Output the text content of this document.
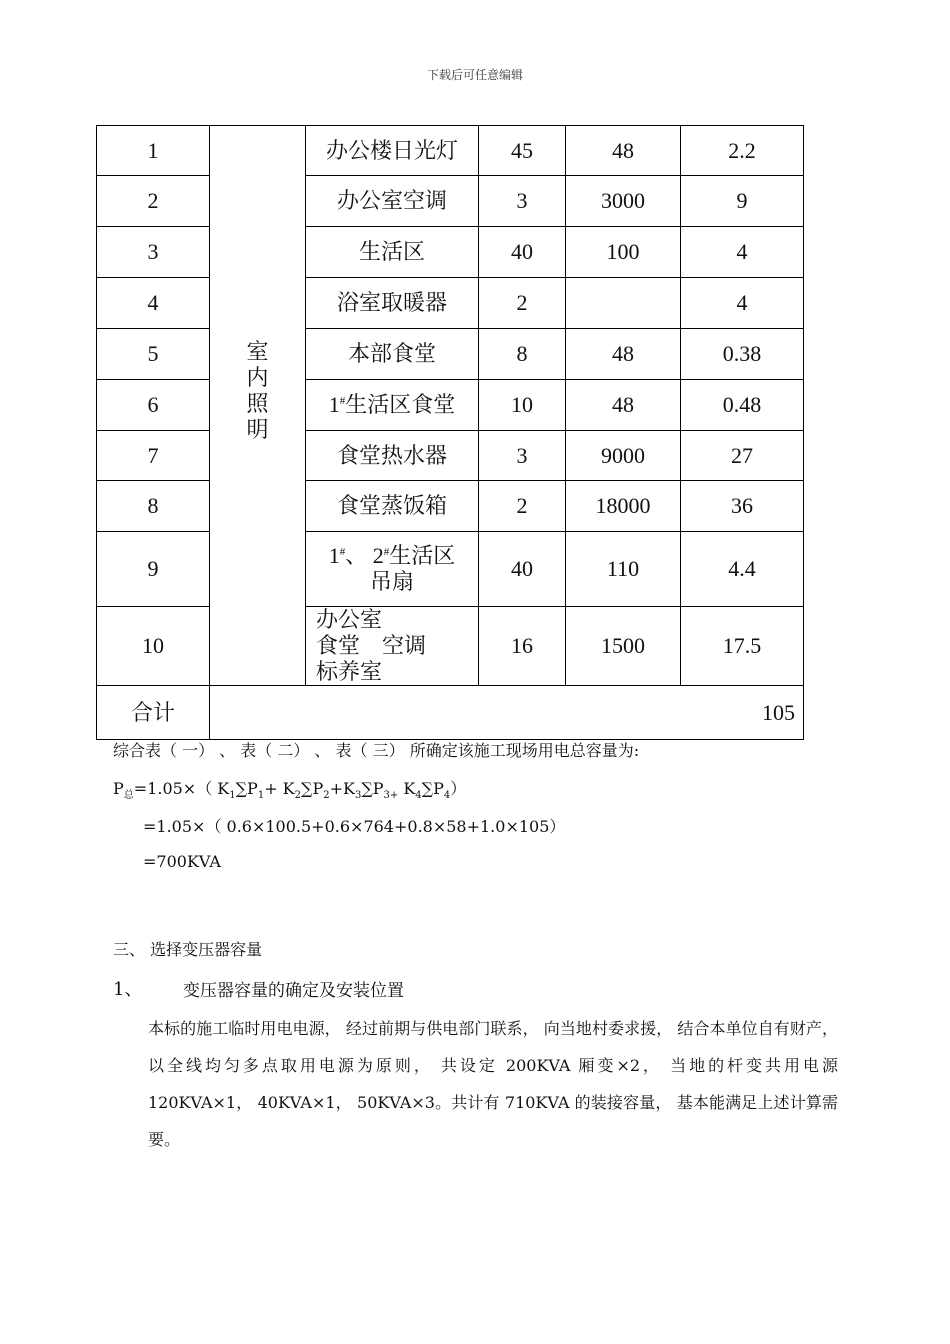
下载后可任意编辑
1	室
内
照
明	办公楼日光灯	45	48	2.2
2		办公室空调	3	3000	9
3		生活区	40	100	4
4		浴室取暖器	2		4
5		本部食堂	8	48	0.38
6		1#生活区食堂	10	48	0.48
7		食堂热水器	3	9000	27
8		食堂蒸饭箱	2	18000	36
9		1#、 2#生活区
吊扇	40	110	4.4
10		办公室
食堂　空调
标养室	16	1500	17.5
合计	105				
综合表（ 一） 、 表（ 二） 、 表（ 三） 所确定该施工现场用电总容量为:
$P_总=1.05\times$（ $K_1\sum P_1+ K_2\sum P_2+K_3\sum P_{3+}$ $K_4\sum P_4$）
=1.05×（ 0.6×100.5+0.6×764+0.8×58+1.0×105）
=700KVA
三、 选择变压器容量
1、 变压器容量的确定及安装位置
本标的施工临时用电电源， 经过前期与供电部门联系， 向当地村委求援， 结合本单位自有财产， 以全线均匀多点取用电源为原则， 共设定 200KVA 厢变×2， 当地的杆变共用电源 120KVA×1， 40KVA×1， 50KVA×3。共计有 710KVA 的装接容量， 基本能满足上述计算需要。
